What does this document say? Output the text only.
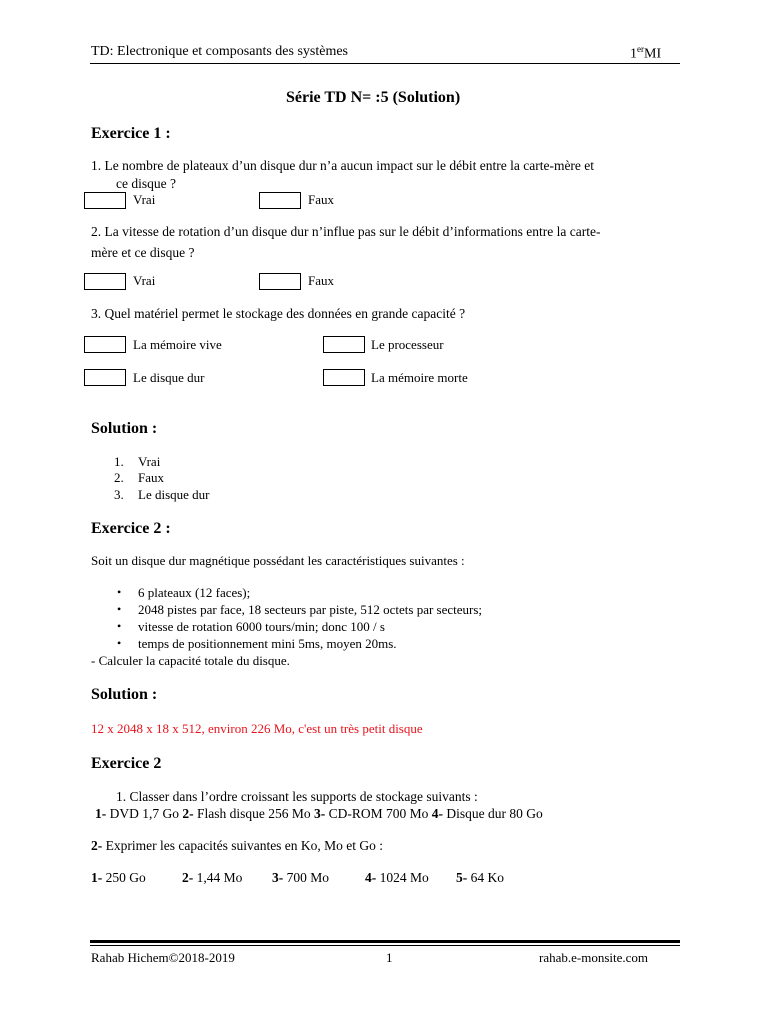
TD: Electronique et composants des systèmes	1erMI
Série TD N= :5 (Solution)
Exercice 1 :
1. Le nombre de plateaux d’un disque dur n’a aucun impact sur le débit entre la carte-mère et
ce disque ?
Vrai	Faux
2. La vitesse de rotation d’un disque dur n’influe pas sur le débit d’informations entre la carte-
mère et ce disque ?
Vrai	Faux
3. Quel matériel permet le stockage des données en grande capacité ?
La mémoire vive	Le processeur
Le disque dur	La mémoire morte
Solution :
1. Vrai
2. Faux
3. Le disque dur
Exercice 2 :
Soit un disque dur magnétique possédant les caractéristiques suivantes :
• 6 plateaux (12 faces);
• 2048 pistes par face, 18 secteurs par piste, 512 octets par secteurs;
• vitesse de rotation 6000 tours/min; donc 100 / s
• temps de positionnement mini 5ms, moyen 20ms.
- Calculer la capacité totale du disque.
Solution :
12 x 2048 x 18 x 512, environ 226 Mo, c'est un très petit disque
Exercice 2
1. Classer dans l’ordre croissant les supports de stockage suivants :
1- DVD 1,7 Go 2- Flash disque 256 Mo 3- CD-ROM 700 Mo 4- Disque dur 80 Go
2- Exprimer les capacités suivantes en Ko, Mo et Go :
1- 250 Go	2- 1,44 Mo 3- 700 Mo	4- 1024 Mo 5- 64 Ko
Rahab Hichem©2018-2019	1	rahab.e-monsite.com
